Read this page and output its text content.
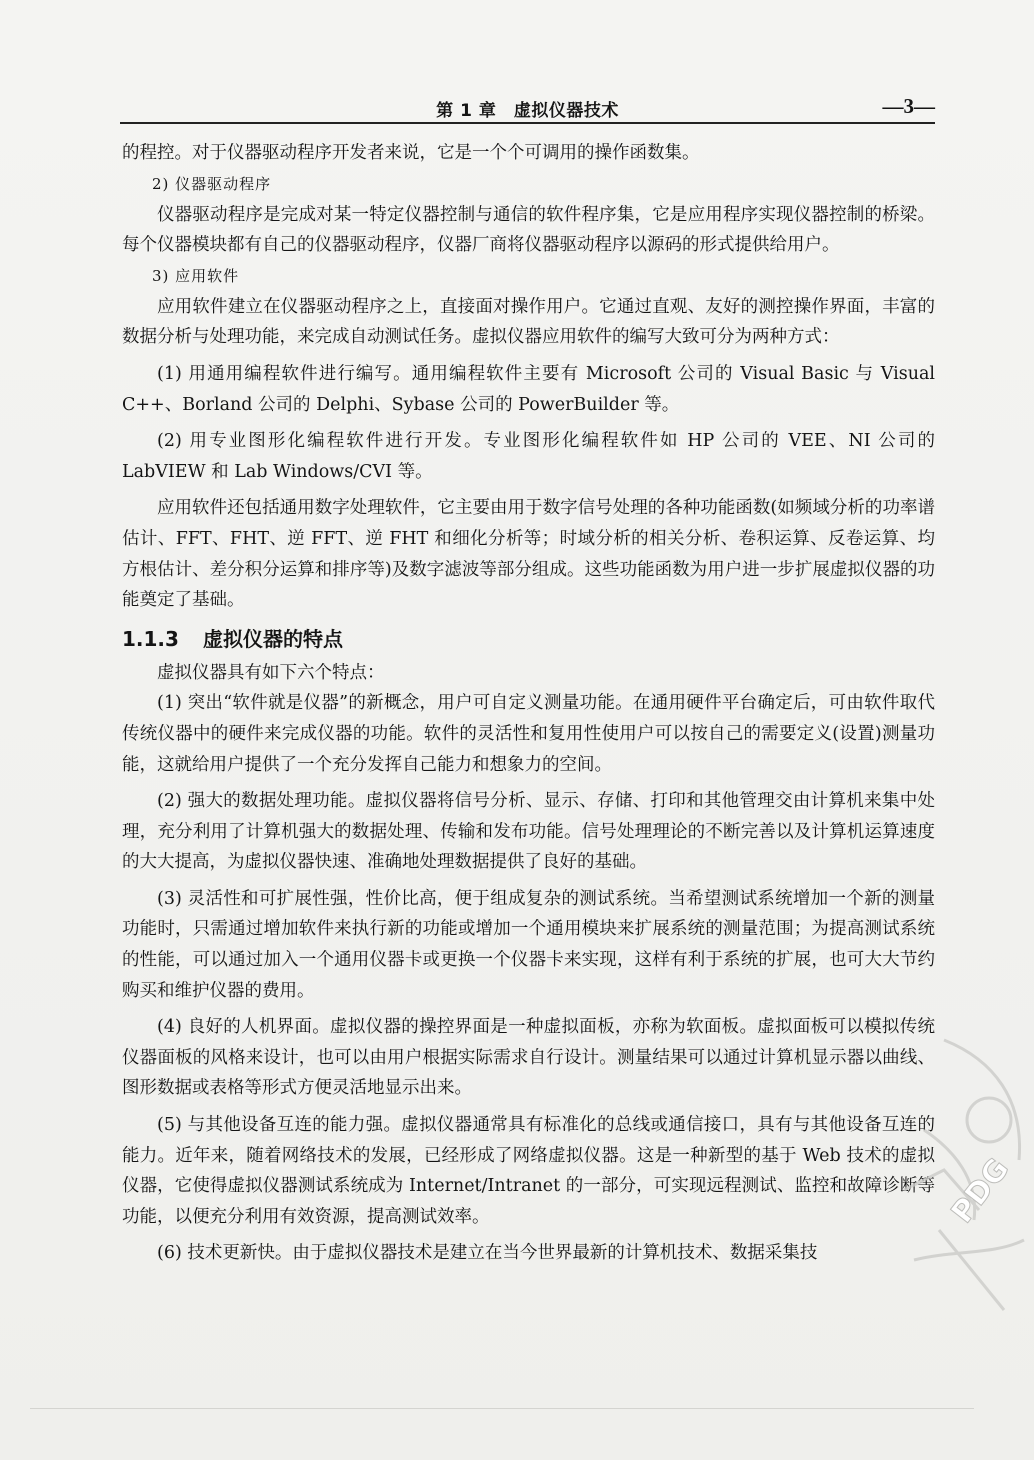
第 1 章　虚拟仪器技术	—3—

的程控。对于仪器驱动程序开发者来说，它是一个个可调用的操作函数集。

2) 仪器驱动程序

仪器驱动程序是完成对某一特定仪器控制与通信的软件程序集，它是应用程序实现仪器控制的桥梁。每个仪器模块都有自己的仪器驱动程序，仪器厂商将仪器驱动程序以源码的形式提供给用户。

3) 应用软件

应用软件建立在仪器驱动程序之上，直接面对操作用户。它通过直观、友好的测控操作界面，丰富的数据分析与处理功能，来完成自动测试任务。虚拟仪器应用软件的编写大致可分为两种方式：

(1) 用通用编程软件进行编写。通用编程软件主要有 Microsoft 公司的 Visual Basic 与 Visual C++、Borland 公司的 Delphi、Sybase 公司的 PowerBuilder 等。

(2) 用专业图形化编程软件进行开发。专业图形化编程软件如 HP 公司的 VEE、NI 公司的 LabVIEW 和 Lab Windows/CVI 等。

应用软件还包括通用数字处理软件，它主要由用于数字信号处理的各种功能函数(如频域分析的功率谱估计、FFT、FHT、逆 FFT、逆 FHT 和细化分析等；时域分析的相关分析、卷积运算、反卷运算、均方根估计、差分积分运算和排序等)及数字滤波等部分组成。这些功能函数为用户进一步扩展虚拟仪器的功能奠定了基础。

1.1.3 虚拟仪器的特点

虚拟仪器具有如下六个特点：

(1) 突出“软件就是仪器”的新概念，用户可自定义测量功能。在通用硬件平台确定后，可由软件取代传统仪器中的硬件来完成仪器的功能。软件的灵活性和复用性使用户可以按自己的需要定义(设置)测量功能，这就给用户提供了一个充分发挥自己能力和想象力的空间。

(2) 强大的数据处理功能。虚拟仪器将信号分析、显示、存储、打印和其他管理交由计算机来集中处理，充分利用了计算机强大的数据处理、传输和发布功能。信号处理理论的不断完善以及计算机运算速度的大大提高，为虚拟仪器快速、准确地处理数据提供了良好的基础。

(3) 灵活性和可扩展性强，性价比高，便于组成复杂的测试系统。当希望测试系统增加一个新的测量功能时，只需通过增加软件来执行新的功能或增加一个通用模块来扩展系统的测量范围；为提高测试系统的性能，可以通过加入一个通用仪器卡或更换一个仪器卡来实现，这样有利于系统的扩展，也可大大节约购买和维护仪器的费用。

(4) 良好的人机界面。虚拟仪器的操控界面是一种虚拟面板，亦称为软面板。虚拟面板可以模拟传统仪器面板的风格来设计，也可以由用户根据实际需求自行设计。测量结果可以通过计算机显示器以曲线、图形数据或表格等形式方便灵活地显示出来。

(5) 与其他设备互连的能力强。虚拟仪器通常具有标准化的总线或通信接口，具有与其他设备互连的能力。近年来，随着网络技术的发展，已经形成了网络虚拟仪器。这是一种新型的基于 Web 技术的虚拟仪器，它使得虚拟仪器测试系统成为 Internet/Intranet 的一部分，可实现远程测试、监控和故障诊断等功能，以便充分利用有效资源，提高测试效率。

(6) 技术更新快。由于虚拟仪器技术是建立在当今世界最新的计算机技术、数据采集技

PDG
